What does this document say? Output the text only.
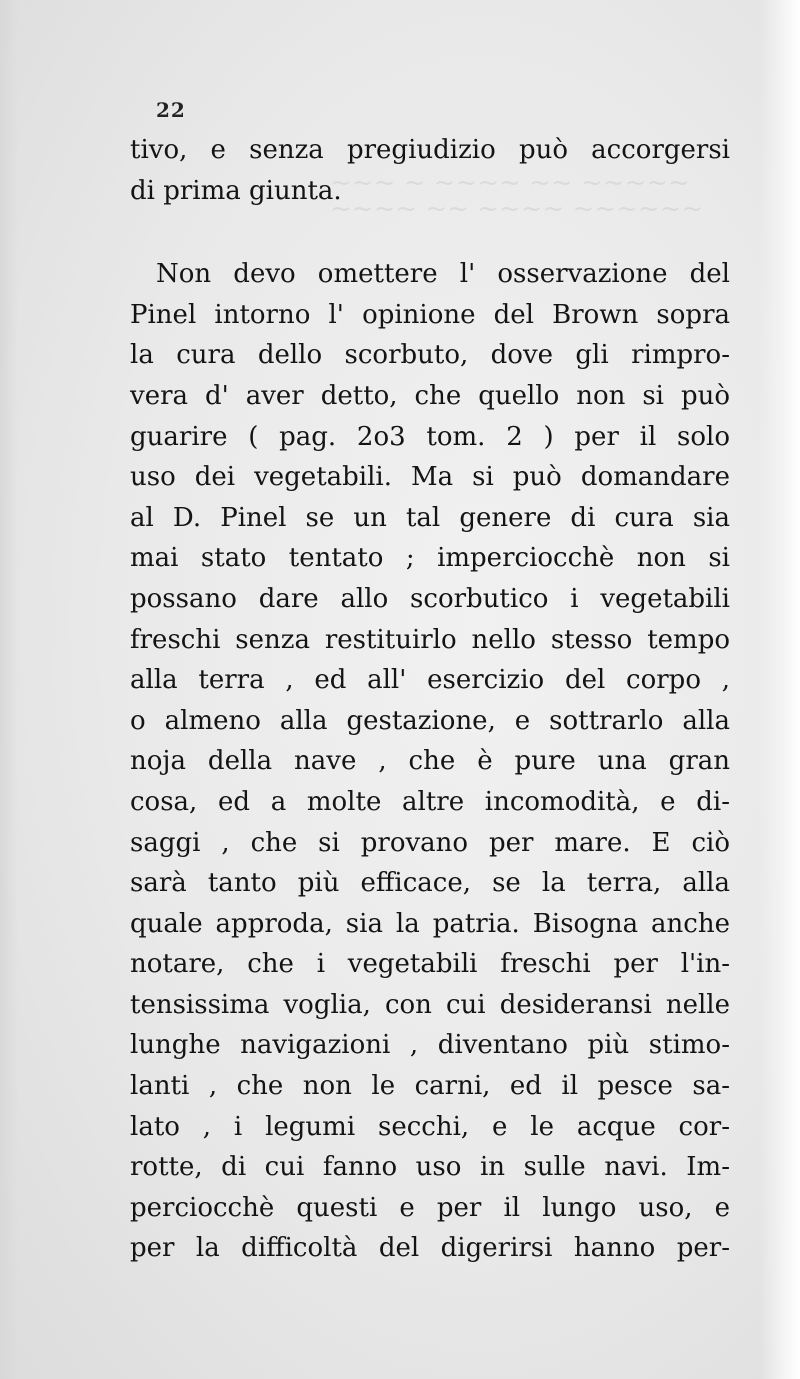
~~~ ~ ~~~~ ~~ ~~~~~
~~~~ ~~ ~~~~ ~~~~~~
22
tivo, e senza pregiudizio può accorgersi
di prima giunta.
Non devo omettere l' osservazione del
Pinel intorno l' opinione del Brown sopra
la cura dello scorbuto, dove gli rimpro-
vera d' aver detto, che quello non si può
guarire ( pag. 2o3 tom. 2 ) per il solo
uso dei vegetabili. Ma si può domandare
al D. Pinel se un tal genere di cura sia
mai stato tentato ; imperciocchè non si
possano dare allo scorbutico i vegetabili
freschi senza restituirlo nello stesso tempo
alla terra , ed all' esercizio del corpo ,
o almeno alla gestazione, e sottrarlo alla
noja della nave , che è pure una gran
cosa, ed a molte altre incomodità, e di-
saggi , che si provano per mare. E ciò
sarà tanto più efficace, se la terra, alla
quale approda, sia la patria. Bisogna anche
notare, che i vegetabili freschi per l'in-
tensissima voglia, con cui desideransi nelle
lunghe navigazioni , diventano più stimo-
lanti , che non le carni, ed il pesce sa-
lato , i legumi secchi, e le acque cor-
rotte, di cui fanno uso in sulle navi. Im-
perciocchè questi e per il lungo uso, e
per la difficoltà del digerirsi hanno per-
